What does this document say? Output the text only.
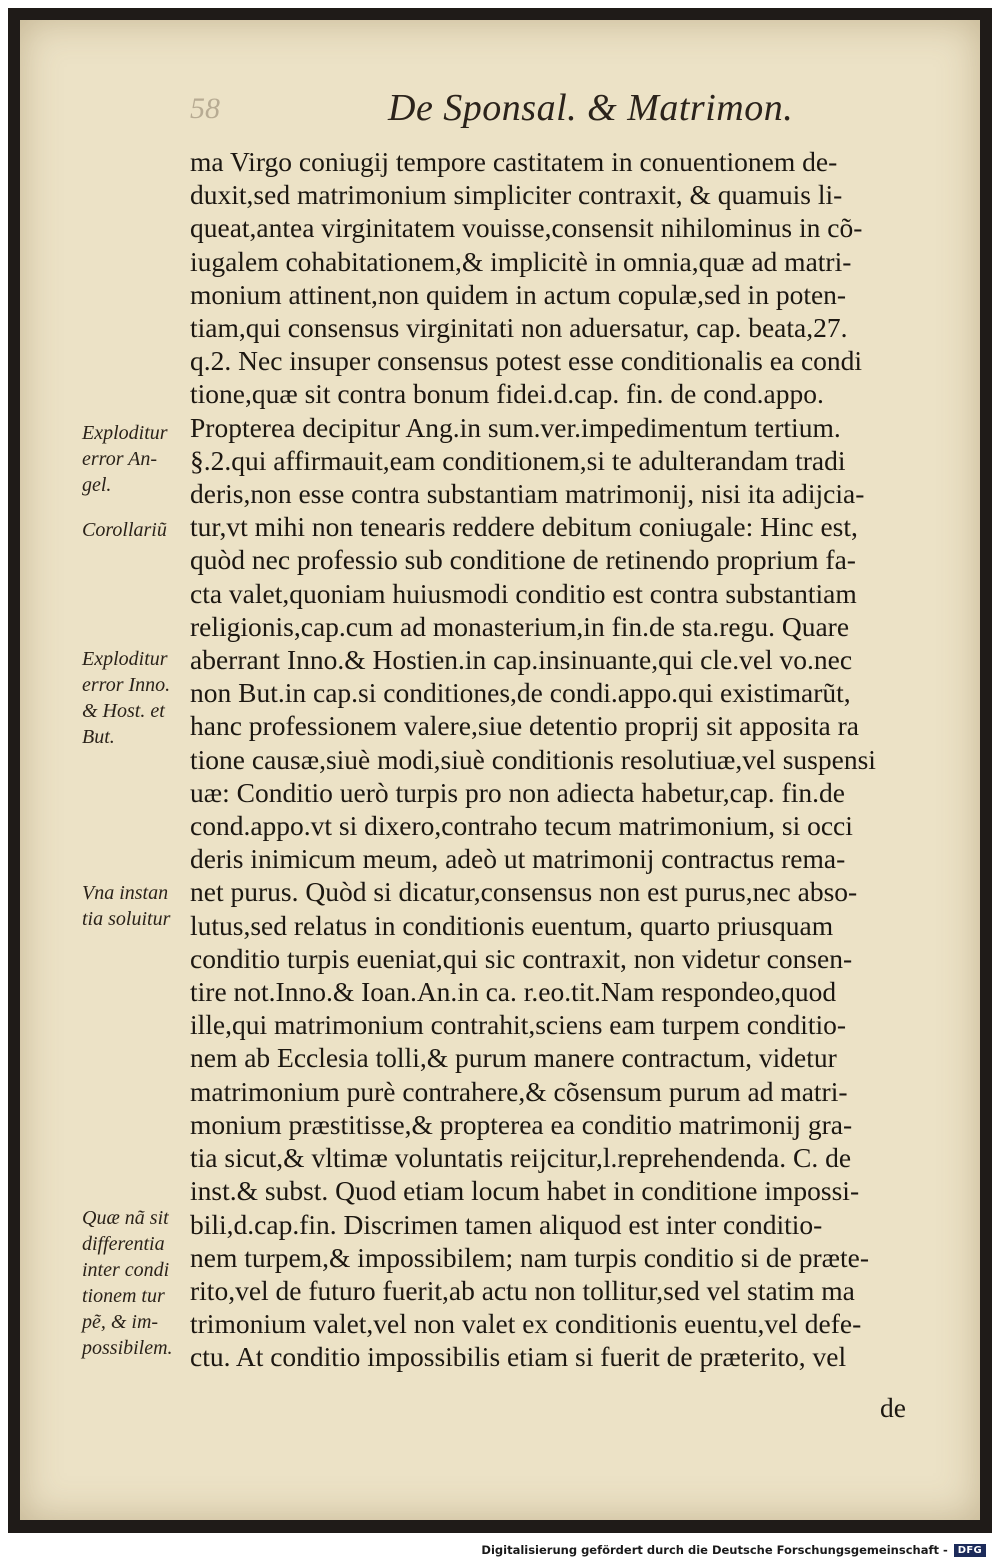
58	De Sponsal. & Matrimon.
ma Virgo coniugij tempore castitatem in conuentionem de-
duxit,sed matrimonium simpliciter contraxit, & quamuis li-
queat,antea virginitatem vouisse,consensit nihilominus in cõ-
iugalem cohabitationem,& implicitè in omnia,quæ ad matri-
monium attinent,non quidem in actum copulæ,sed in poten-
tiam,qui consensus virginitati non aduersatur, cap. beata,27.
q.2. Nec insuper consensus potest esse conditionalis ea condi
tione,quæ sit contra bonum fidei.d.cap. fin. de cond.appo.
Propterea decipitur Ang.in sum.ver.impedimentum tertium.
§.2.qui affirmauit,eam conditionem,si te adulterandam tradi
deris,non esse contra substantiam matrimonij, nisi ita adijcia-
tur,vt mihi non tenearis reddere debitum coniugale: Hinc est,
quòd nec professio sub conditione de retinendo proprium fa-
cta valet,quoniam huiusmodi conditio est contra substantiam
religionis,cap.cum ad monasterium,in fin.de sta.regu. Quare
aberrant Inno.& Hostien.in cap.insinuante,qui cle.vel vo.nec
non But.in cap.si conditiones,de condi.appo.qui existimarũt,
hanc professionem valere,siue detentio proprij sit apposita ra
tione causæ,siuè modi,siuè conditionis resolutiuæ,vel suspensi
uæ: Conditio uerò turpis pro non adiecta habetur,cap. fin.de
cond.appo.vt si dixero,contraho tecum matrimonium, si occi
deris inimicum meum, adeò ut matrimonij contractus rema-
net purus. Quòd si dicatur,consensus non est purus,nec abso-
lutus,sed relatus in conditionis euentum, quarto priusquam
conditio turpis eueniat,qui sic contraxit, non videtur consen-
tire not.Inno.& Ioan.An.in ca. r.eo.tit.Nam respondeo,quod
ille,qui matrimonium contrahit,sciens eam turpem conditio-
nem ab Ecclesia tolli,& purum manere contractum, videtur
matrimonium purè contrahere,& cõsensum purum ad matri-
monium præstitisse,& propterea ea conditio matrimonij gra-
tia sicut,& vltimæ voluntatis reijcitur,l.reprehendenda. C. de
inst.& subst. Quod etiam locum habet in conditione impossi-
bili,d.cap.fin. Discrimen tamen aliquod est inter conditio-
nem turpem,& impossibilem; nam turpis conditio si de præte-
rito,vel de futuro fuerit,ab actu non tollitur,sed vel statim ma
trimonium valet,vel non valet ex conditionis euentu,vel defe-
ctu. At conditio impossibilis etiam si fuerit de præterito, vel
de
Exploditur
error An-
gel.
Corollariũ
Exploditur
error Inno.
& Host. et
But.
Vna instan
tia soluitur
Quæ nã sit
differentia
inter condi
tionem tur
pẽ, & im-
possibilem.
Digitalisierung gefördert durch die Deutsche Forschungsgemeinschaft -	DFG
